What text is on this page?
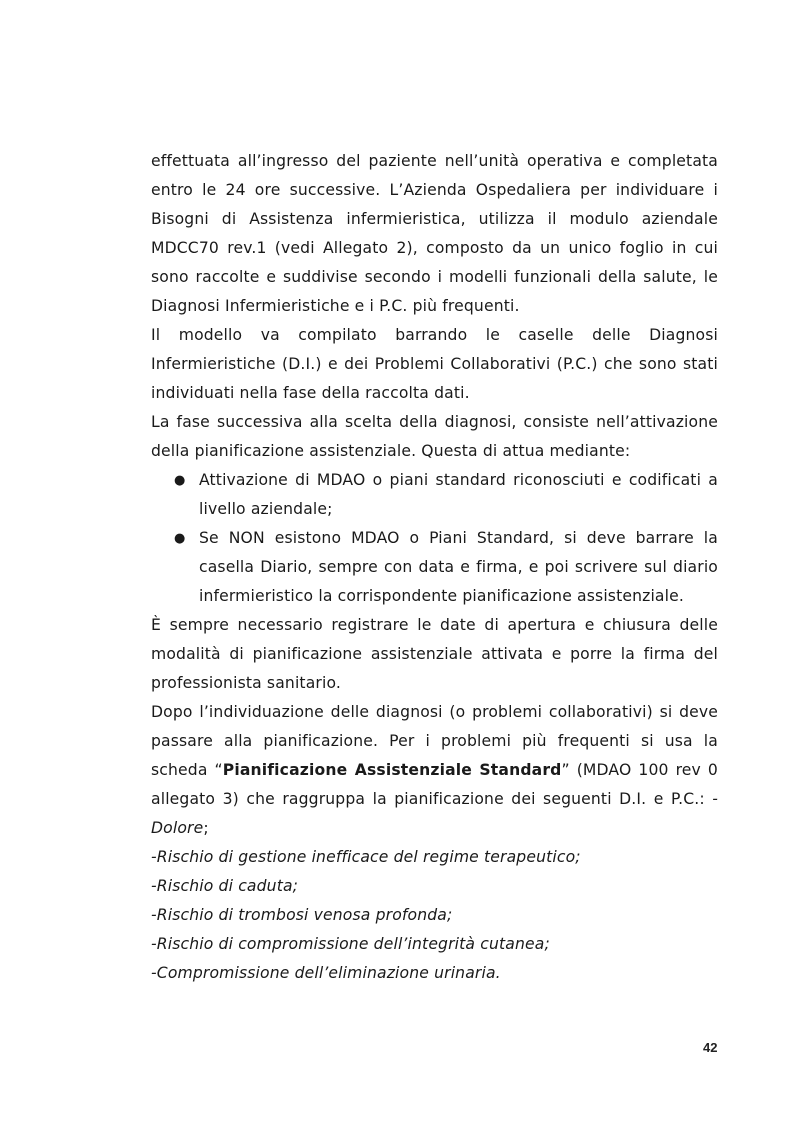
effettuata all’ingresso del paziente nell’unità operativa e completata entro le 24 ore successive. L’Azienda Ospedaliera per individuare i Bisogni di Assistenza infermieristica, utilizza il modulo aziendale MDCC70 rev.1 (vedi Allegato 2), composto da un unico foglio in cui sono raccolte e suddivise secondo i modelli funzionali della salute, le Diagnosi Infermieristiche e i P.C. più frequenti.

Il modello va compilato barrando le caselle delle Diagnosi Infermieristiche (D.I.) e dei Problemi Collaborativi (P.C.) che sono stati individuati nella fase della raccolta dati.

La fase successiva alla scelta della diagnosi, consiste nell’attivazione della pianificazione assistenziale. Questa di attua mediante:

● Attivazione di MDAO o piani standard riconosciuti e codificati a livello aziendale;
● Se NON esistono MDAO o Piani Standard, si deve barrare la casella Diario, sempre con data e firma, e poi scrivere sul diario infermieristico la corrispondente pianificazione assistenziale.

È sempre necessario registrare le date di apertura e chiusura delle modalità di pianificazione assistenziale attivata e porre la firma del professionista sanitario.

Dopo l’individuazione delle diagnosi (o problemi collaborativi) si deve passare alla pianificazione. Per i problemi più frequenti si usa la scheda “Pianificazione Assistenziale Standard” (MDAO 100 rev 0 allegato 3) che raggruppa la pianificazione dei seguenti D.I. e P.C.: -Dolore;

-Rischio di gestione inefficace del regime terapeutico;

-Rischio di caduta;

-Rischio di trombosi venosa profonda;

-Rischio di compromissione dell’integrità cutanea;

-Compromissione dell’eliminazione urinaria.

42
